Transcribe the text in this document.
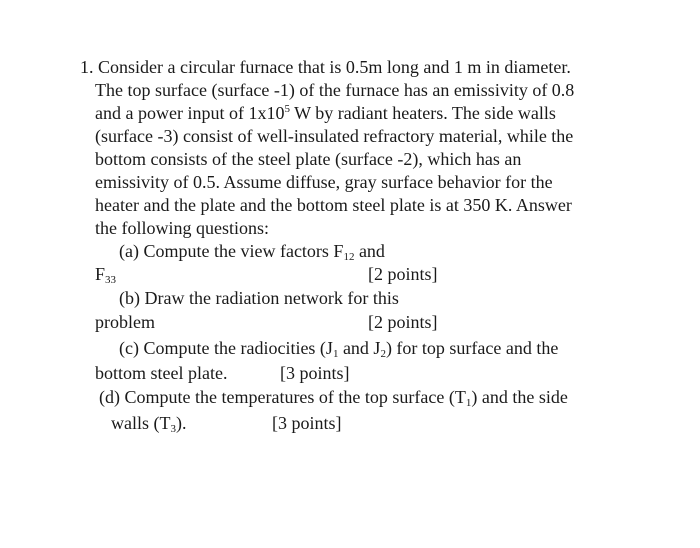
1. Consider a circular furnace that is 0.5m long and 1 m in diameter.
The top surface (surface -1) of the furnace has an emissivity of 0.8
and a power input of $1x10^5$ W by radiant heaters. The side walls
(surface -3) consist of well-insulated refractory material, while the
bottom consists of the steel plate (surface -2), which has an
emissivity of 0.5. Assume diffuse, gray surface behavior for the
heater and the plate and the bottom steel plate is at 350 K. Answer
the following questions:
(a) Compute the view factors $F_{12}$ and
$F_{33}$	[2 points]
(b) Draw the radiation network for this
problem	[2 points]
(c) Compute the radiocities ($J_1$ and $J_2$) for top surface and the
bottom steel plate.	[3 points]
(d) Compute the temperatures of the top surface $(T_1)$ and the side
walls $(T_3)$.	[3 points]
